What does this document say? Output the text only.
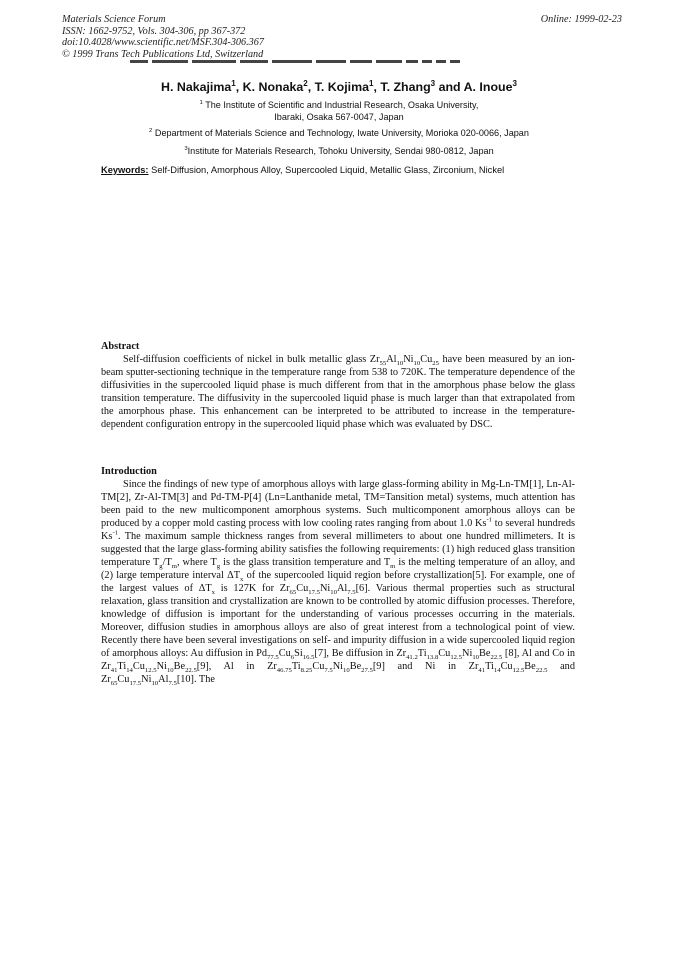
Materials Science Forum
ISSN: 1662-9752, Vols. 304-306, pp 367-372
doi:10.4028/www.scientific.net/MSF.304-306.367
© 1999 Trans Tech Publications Ltd, Switzerland
Online: 1999-02-23
H. Nakajima$^1$, K. Nonaka$^2$, T. Kojima$^1$, T. Zhang$^3$ and A. Inoue$^3$
$^1$ The Institute of Scientific and Industrial Research, Osaka University,
Ibaraki, Osaka 567-0047, Japan
$^2$ Department of Materials Science and Technology, Iwate University, Morioka 020-0066, Japan
$^3$Institute for Materials Research, Tohoku University, Sendai 980-0812, Japan
Keywords: Self-Diffusion, Amorphous Alloy, Supercooled Liquid, Metallic Glass, Zirconium, Nickel
Abstract

Self-diffusion coefficients of nickel in bulk metallic glass $Zr_{55}Al_{10}Ni_{10}Cu_{25}$ have been measured by an ion-beam sputter-sectioning technique in the temperature range from 538 to 720K. The temperature dependence of the diffusivities in the supercooled liquid phase is much different from that in the amorphous phase below the glass transition temperature. The diffusivity in the supercooled liquid phase is much larger than that extrapolated from the amorphous phase. This enhancement can be interpreted to be attributed to increase in the temperature-dependent configuration entropy in the supercooled liquid phase which was evaluated by DSC.

Introduction

Since the findings of new type of amorphous alloys with large glass-forming ability in Mg-Ln-TM[1], Ln-Al-TM[2], Zr-Al-TM[3] and Pd-TM-P[4] (Ln=Lanthanide metal, TM=Tansition metal) systems, much attention has been paid to the new multicomponent amorphous systems. Such multicomponent amorphous alloys can be produced by a copper mold casting process with low cooling rates ranging from about 1.0 $Ks^{-1}$ to several hundreds $Ks^{-1}$. The maximum sample thickness ranges from several millimeters to about one hundred millimeters. It is suggested that the large glass-forming ability satisfies the following requirements: (1) high reduced glass transition temperature $T_g/T_m$, where $T_g$ is the glass transition temperature and $T_m$ is the melting temperature of an alloy, and (2) large temperature interval $\Delta T_x$ of the supercooled liquid region before crystallization[5]. For example, one of the largest values of $\Delta T_x$ is 127K for $Zr_{65}Cu_{17.5}Ni_{10}Al_{7.5}[6]$. Various thermal properties such as structural relaxation, glass transition and crystallization are known to be controlled by atomic diffusion processes. Therefore, knowledge of diffusion is important for the understanding of various processes occurring in the materials. Moreover, diffusion studies in amorphous alloys are also of great interest from a technological point of view. Recently there have been several investigations on self- and impurity diffusion in a wide supercooled liquid region of amorphous alloys: Au diffusion in $Pd_{77.5}Cu_6Si_{16.5}[7]$, Be diffusion in $Zr_{41.2}Ti_{13.8}Cu_{12.5}Ni_{10}Be_{22.5}$ [8], Al and Co in $Zr_{41}Ti_{14}Cu_{12.5}Ni_{10}Be_{22.5}[9]$, Al in $Zr_{46.75}Ti_{8.25}Cu_{7.5}Ni_{10}Be_{27.5}[9]$ and Ni in $Zr_{41}Ti_{14}Cu_{12.5}Be_{22.5}$ and $Zr_{65}Cu_{17.5}Ni_{10}Al_{7.5}[10]$. The
